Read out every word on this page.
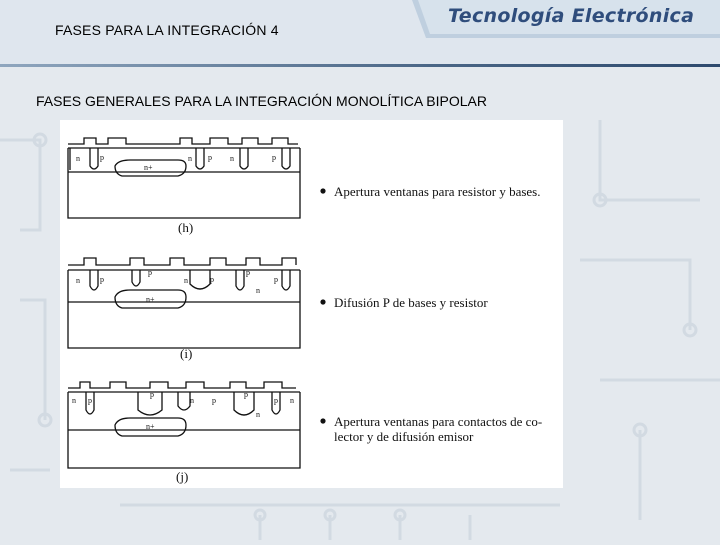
FASES PARA LA INTEGRACIÓN 4
Tecnología Electrónica
FASES GENERALES PARA LA INTEGRACIÓN MONOLÍTICA BIPOLAR
n	p	n p n	p
n+
(h)
Apertura ventanas para resistor y bases.
n	p
p
n	p
p
n
p
n+
(i)
Difusión P de bases y resistor
n p
p
n p
p
n
p n
n+
(j)
Apertura ventanas para contactos de co-
lector y de difusión emisor
